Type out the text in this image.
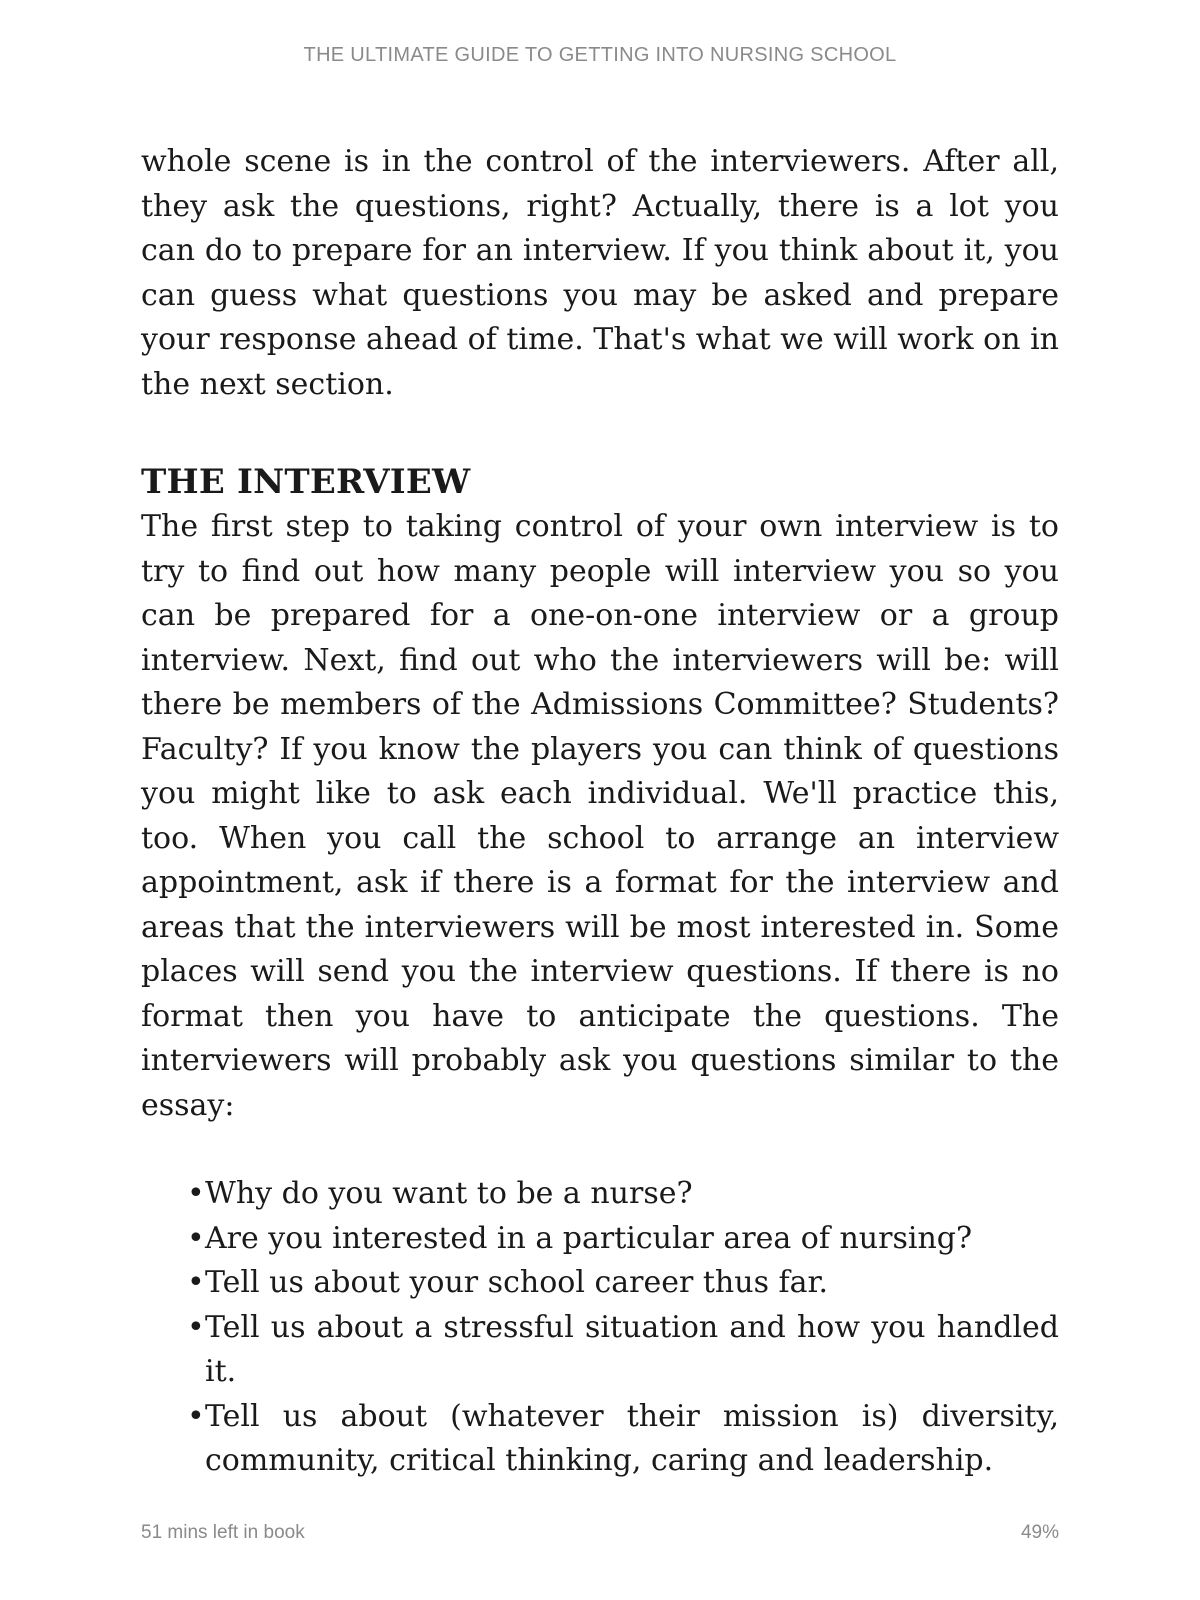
THE ULTIMATE GUIDE TO GETTING INTO NURSING SCHOOL

whole scene is in the control of the interviewers. After all, they ask the questions, right? Actually, there is a lot you can do to prepare for an interview. If you think about it, you can guess what questions you may be asked and prepare your response ahead of time. That's what we will work on in the next section.

THE INTERVIEW

The first step to taking control of your own interview is to try to find out how many people will interview you so you can be prepared for a one-on-one interview or a group interview. Next, find out who the interviewers will be: will there be members of the Admissions Committee? Students? Faculty? If you know the players you can think of questions you might like to ask each individual. We'll practice this, too. When you call the school to arrange an interview appointment, ask if there is a format for the interview and areas that the interviewers will be most interested in. Some places will send you the interview questions. If there is no format then you have to anticipate the questions. The interviewers will probably ask you questions similar to the essay:

• Why do you want to be a nurse?
• Are you interested in a particular area of nursing?
• Tell us about your school career thus far.
• Tell us about a stressful situation and how you handled it.
• Tell us about (whatever their mission is) diversity, community, critical thinking, caring and leadership.
51 mins left in book	49%
